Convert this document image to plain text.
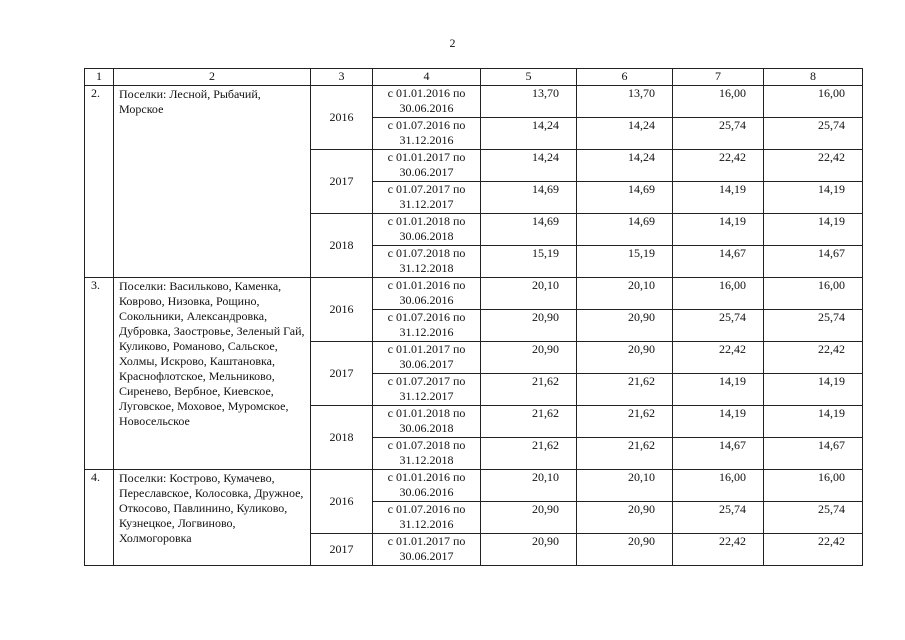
2
1	2	3	4	5	6	7	8
2.	Поселки: Лесной, Рыбачий, Морское	2016	с 01.01.2016 по
30.06.2016	13,70	13,70	16,00	16,00

			с 01.07.2016 по
31.12.2016	14,24	14,24	25,74	25,74
		2017	с 01.01.2017 по
30.06.2017	14,24	14,24	22,42	22,42

			с 01.07.2017 по
31.12.2017	14,69	14,69	14,19	14,19
		2018	с 01.01.2018 по
30.06.2018	14,69	14,69	14,19	14,19

			с 01.07.2018 по
31.12.2018	15,19	15,19	14,67	14,67
3.	Поселки: Васильково, Каменка, Коврово, Низовка, Рощино, Сокольники, Александровка, Дубровка, Заостровье, Зеленый Гай, Куликово, Романово, Сальское, Холмы, Искрово, Каштановка, Краснофлотское, Мельниково, Сиренево, Вербное, Киевское, Луговское, Моховое, Муромское, Новосельское	2016	с 01.01.2016 по
30.06.2016	20,10	20,10	16,00	16,00

			с 01.07.2016 по
31.12.2016	20,90	20,90	25,74	25,74
		2017	с 01.01.2017 по
30.06.2017	20,90	20,90	22,42	22,42

			с 01.07.2017 по
31.12.2017	21,62	21,62	14,19	14,19
		2018	с 01.01.2018 по
30.06.2018	21,62	21,62	14,19	14,19

			с 01.07.2018 по
31.12.2018	21,62	21,62	14,67	14,67
4.	Поселки: Кострово, Кумачево, Переславское, Колосовка, Дружное, Откосово, Павлинино, Куликово, Кузнецкое, Логвиново, Холмогоровка	2016	с 01.01.2016 по
30.06.2016	20,10	20,10	16,00	16,00

			с 01.07.2016 по
31.12.2016	20,90	20,90	25,74	25,74
		2017	с 01.01.2017 по
30.06.2017	20,90	20,90	22,42	22,42
